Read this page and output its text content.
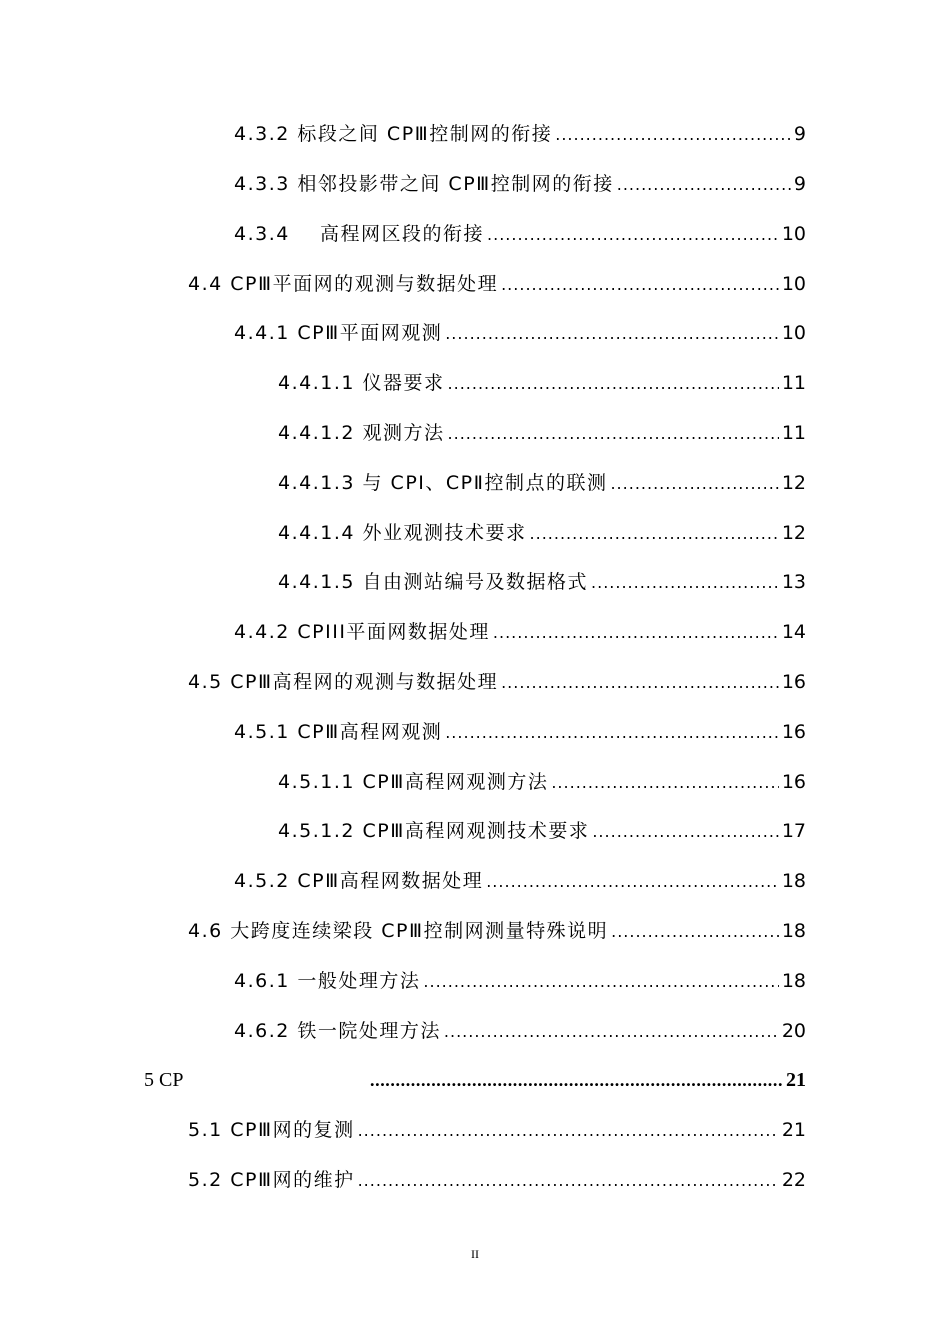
4.3.2 标段之间 CPⅢ控制网的衔接 .....	9
4.3.3 相邻投影带之间 CPⅢ控制网的衔接 .....	9
4.3.4    高程网区段的衔接 .....	10
4.4 CPⅢ平面网的观测与数据处理 .....	10
4.4.1 CPⅢ平面网观测 .....	10
4.4.1.1 仪器要求 .....	11
4.4.1.2 观测方法 .....	11
4.4.1.3 与 CPⅠ、CPⅡ控制点的联测 .....	12
4.4.1.4 外业观测技术要求 .....	12
4.4.1.5 自由测站编号及数据格式 .....	13
4.4.2 CPIII平面网数据处理 .....	14
4.5 CPⅢ高程网的观测与数据处理 .....	16
4.5.1 CPⅢ高程网观测 .....	16
4.5.1.1 CPⅢ高程网观测方法 .....	16
4.5.1.2 CPⅢ高程网观测技术要求 .....	17
4.5.2 CPⅢ高程网数据处理 .....	18
4.6 大跨度连续梁段 CPⅢ控制网测量特殊说明 .....	18
4.6.1 一般处理方法 .....	18
4.6.2 铁一院处理方法 .....	20
5 CP .....	21
5.1 CPⅢ网的复测 .....	21
5.2 CPⅢ网的维护 .....	22
II
